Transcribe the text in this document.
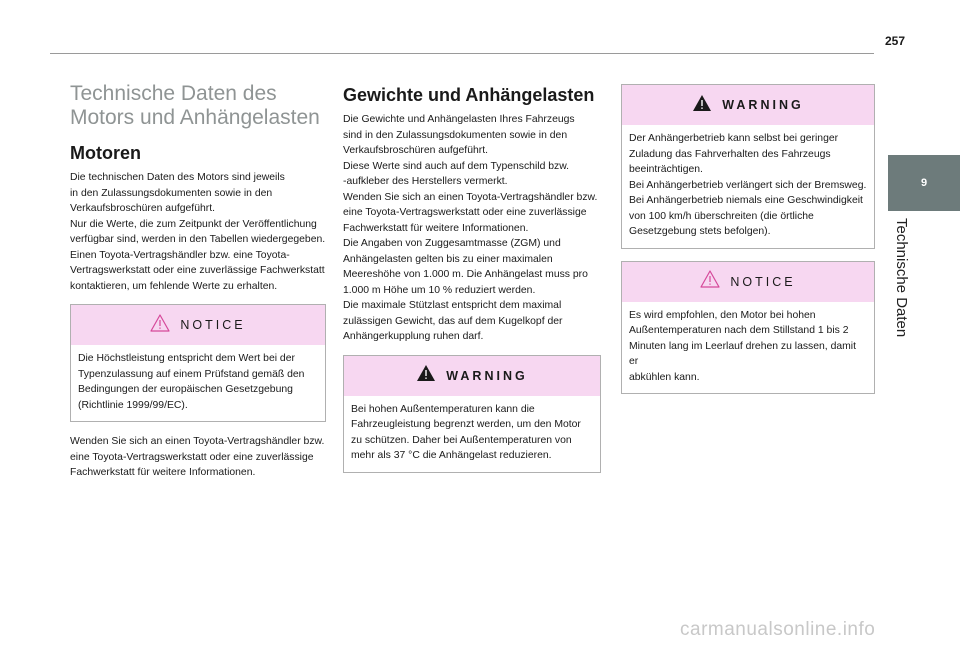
257
9
Technische Daten
Technische Daten des Motors und Anhängelasten
Motoren

Die technischen Daten des Motors sind jeweils
in den Zulassungsdokumenten sowie in den
Verkaufsbroschüren aufgeführt.
Nur die Werte, die zum Zeitpunkt der Veröffentlichung
verfügbar sind, werden in den Tabellen wiedergegeben.
Einen Toyota-Vertragshändler bzw. eine Toyota-
Vertragswerkstatt oder eine zuverlässige Fachwerkstatt
kontaktieren, um fehlende Werte zu erhalten.

NOTICE

Die Höchstleistung entspricht dem Wert bei der
Typenzulassung auf einem Prüfstand gemäß den
Bedingungen der europäischen Gesetzgebung
(Richtlinie 1999/99/EC).

Wenden Sie sich an einen Toyota-Vertragshändler bzw.
eine Toyota-Vertragswerkstatt oder eine zuverlässige
Fachwerkstatt für weitere Informationen.

Gewichte und Anhängelasten

Die Gewichte und Anhängelasten Ihres Fahrzeugs
sind in den Zulassungsdokumenten sowie in den
Verkaufsbroschüren aufgeführt.
Diese Werte sind auch auf dem Typenschild bzw.
-aufkleber des Herstellers vermerkt.
Wenden Sie sich an einen Toyota-Vertragshändler bzw.
eine Toyota-Vertragswerkstatt oder eine zuverlässige
Fachwerkstatt für weitere Informationen.
Die Angaben von Zuggesamtmasse (ZGM) und
Anhängelasten gelten bis zu einer maximalen
Meereshöhe von 1.000 m. Die Anhängelast muss pro
1.000 m Höhe um 10 % reduziert werden.
Die maximale Stützlast entspricht dem maximal
zulässigen Gewicht, das auf dem Kugelkopf der
Anhängerkupplung ruhen darf.

WARNING

Bei hohen Außentemperaturen kann die
Fahrzeugleistung begrenzt werden, um den Motor
zu schützen. Daher bei Außentemperaturen von
mehr als 37 °C die Anhängelast reduzieren.

WARNING

Der Anhängerbetrieb kann selbst bei geringer
Zuladung das Fahrverhalten des Fahrzeugs
beeinträchtigen.
Bei Anhängerbetrieb verlängert sich der Bremsweg.
Bei Anhängerbetrieb niemals eine Geschwindigkeit
von 100 km/h überschreiten (die örtliche
Gesetzgebung stets befolgen).

NOTICE

Es wird empfohlen, den Motor bei hohen
Außentemperaturen nach dem Stillstand 1 bis 2
Minuten lang im Leerlauf drehen zu lassen, damit er
abkühlen kann.

carmanualsonline.info
